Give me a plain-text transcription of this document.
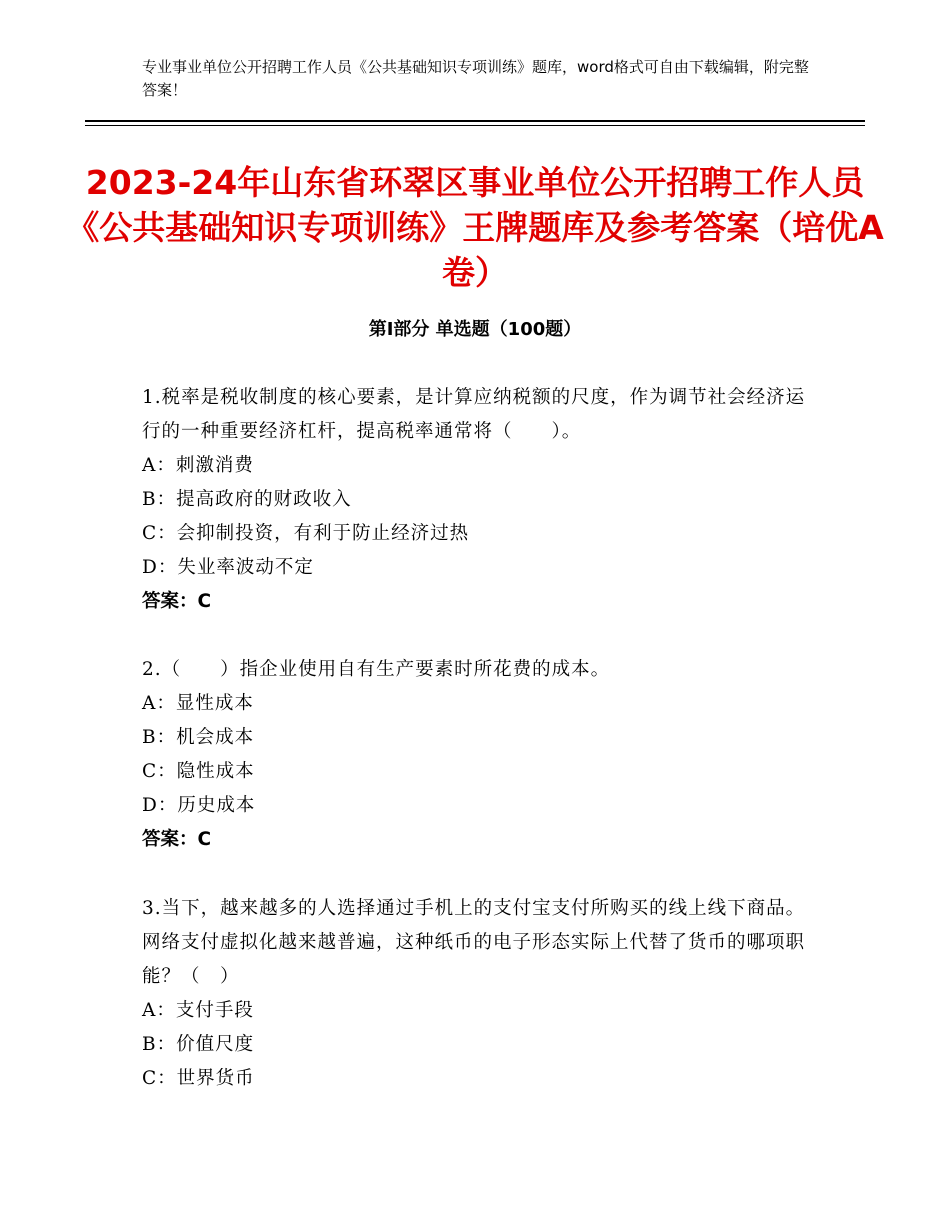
专业事业单位公开招聘工作人员《公共基础知识专项训练》题库，word格式可自由下载编辑，附完整答案！
2023-24年山东省环翠区事业单位公开招聘工作人员《公共基础知识专项训练》王牌题库及参考答案（培优A卷）
第Ⅰ部分 单选题（100题）

1.税率是税收制度的核心要素，是计算应纳税额的尺度，作为调节社会经济运行的一种重要经济杠杆，提高税率通常将（　　）。

A：刺激消费

B：提高政府的财政收入

C：会抑制投资，有利于防止经济过热

D：失业率波动不定

答案：C

2.（　　）指企业使用自有生产要素时所花费的成本。

A：显性成本

B：机会成本

C：隐性成本

D：历史成本

答案：C

3.当下，越来越多的人选择通过手机上的支付宝支付所购买的线上线下商品。网络支付虚拟化越来越普遍，这种纸币的电子形态实际上代替了货币的哪项职能？（　）

A：支付手段

B：价值尺度

C：世界货币
